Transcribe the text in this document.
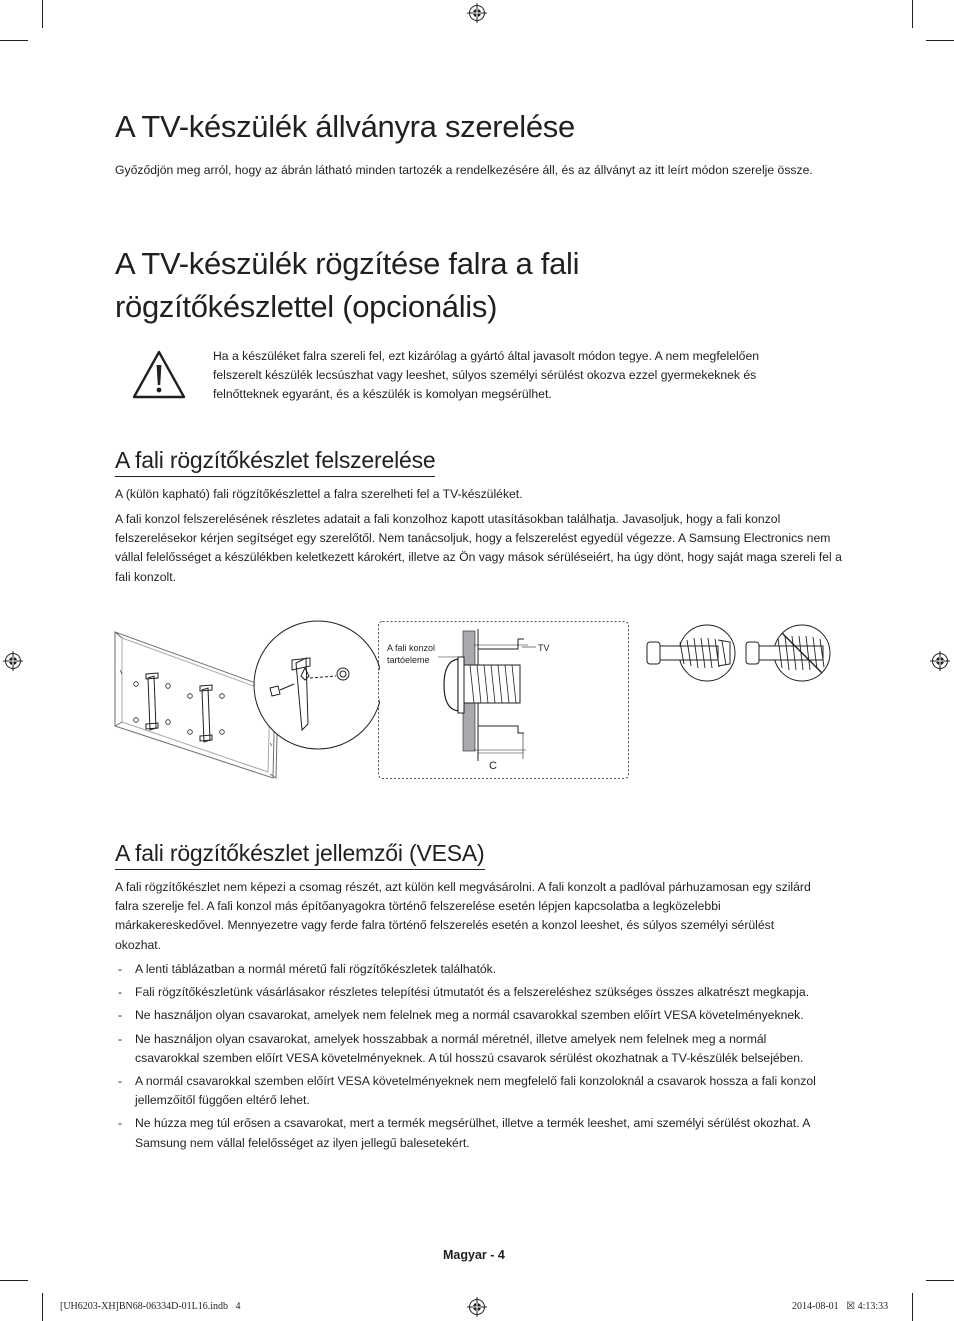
A TV-készülék állványra szerelése
Győződjön meg arról, hogy az ábrán látható minden tartozék a rendelkezésére áll, és az állványt az itt leírt módon szerelje össze.
A TV-készülék rögzítése falra a fali
rögzítőkészlettel (opcionális)
Ha a készüléket falra szereli fel, ezt kizárólag a gyártó által javasolt módon tegye. A nem megfelelően felszerelt készülék lecsúszhat vagy leeshet, súlyos személyi sérülést okozva ezzel gyermekeknek és felnőtteknek egyaránt, és a készülék is komolyan megsérülhet.
A fali rögzítőkészlet felszerelése
A (külön kapható) fali rögzítőkészlettel a falra szerelheti fel a TV-készüléket.
A fali konzol felszerelésének részletes adatait a fali konzolhoz kapott utasításokban találhatja. Javasoljuk, hogy a fali konzol felszerelésekor kérjen segítséget egy szerelőtől. Nem tanácsoljuk, hogy a felszerelést egyedül végezze. A Samsung Electronics nem vállal felelősséget a készülékben keletkezett károkért, illetve az Ön vagy mások sérüléseiért, ha úgy dönt, hogy saját maga szereli fel a fali konzolt.
A fali konzol
tartóeleme
TV
C
A fali rögzítőkészlet jellemzői (VESA)
A fali rögzítőkészlet nem képezi a csomag részét, azt külön kell megvásárolni. A fali konzolt a padlóval párhuzamosan egy szilárd falra szerelje fel. A fali konzol más építőanyagokra történő felszerelése esetén lépjen kapcsolatba a legközelebbi márkakereskedővel. Mennyezetre vagy ferde falra történő felszerelés esetén a konzol leeshet, és súlyos személyi sérülést okozhat.
- A lenti táblázatban a normál méretű fali rögzítőkészletek találhatók.
- Fali rögzítőkészletünk vásárlásakor részletes telepítési útmutatót és a felszereléshez szükséges összes alkatrészt megkapja.
- Ne használjon olyan csavarokat, amelyek nem felelnek meg a normál csavarokkal szemben előírt VESA követelményeknek.
- Ne használjon olyan csavarokat, amelyek hosszabbak a normál méretnél, illetve amelyek nem felelnek meg a normál csavarokkal szemben előírt VESA követelményeknek. A túl hosszú csavarok sérülést okozhatnak a TV-készülék belsejében.
- A normál csavarokkal szemben előírt VESA követelményeknek nem megfelelő fali konzoloknál a csavarok hossza a fali konzol jellemzőitől függően eltérő lehet.
- Ne húzza meg túl erősen a csavarokat, mert a termék megsérülhet, illetve a termék leeshet, ami személyi sérülést okozhat. A Samsung nem vállal felelősséget az ilyen jellegű balesetekért.
Magyar - 4
[UH6203-XH]BN68-06334D-01L16.indb   4	2014-08-01   ☒ 4:13:33
